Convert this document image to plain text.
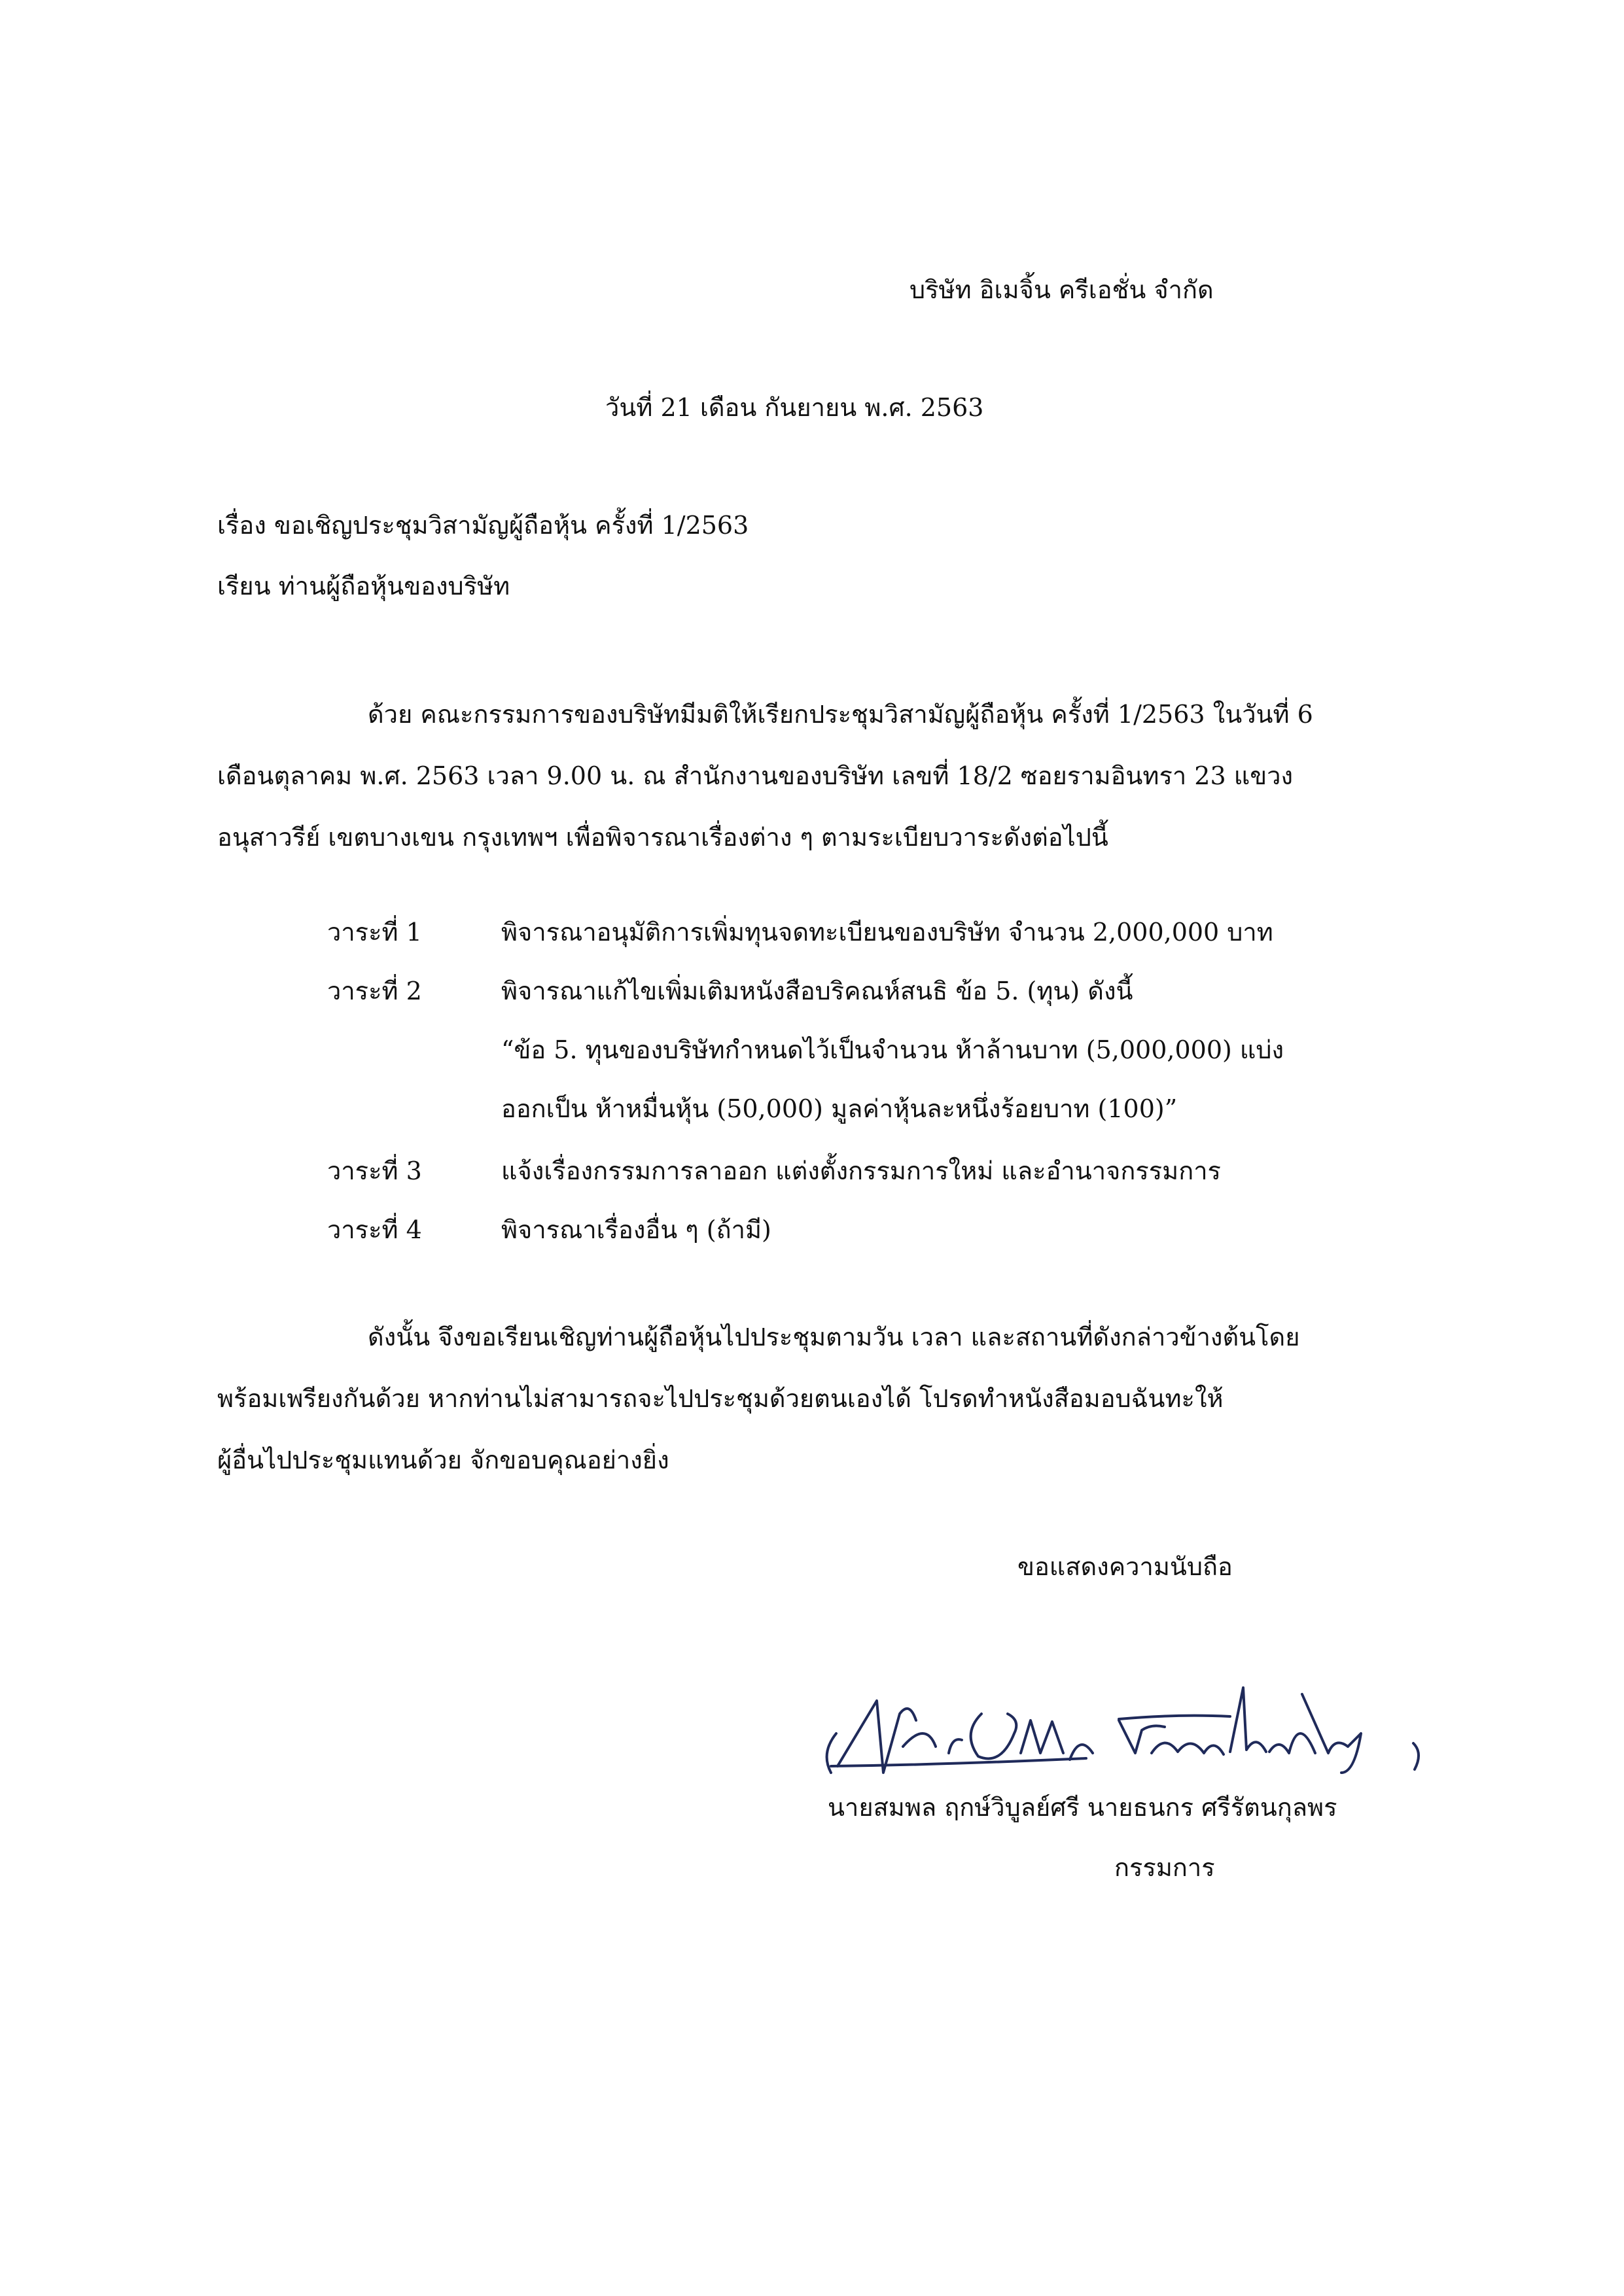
บริษัท อิเมจิ้น ครีเอชั่น จำกัด
วันที่ 21 เดือน กันยายน พ.ศ. 2563
เรื่อง ขอเชิญประชุมวิสามัญผู้ถือหุ้น ครั้งที่ 1/2563
เรียน ท่านผู้ถือหุ้นของบริษัท
ด้วย คณะกรรมการของบริษัทมีมติให้เรียกประชุมวิสามัญผู้ถือหุ้น ครั้งที่ 1/2563 ในวันที่ 6
เดือนตุลาคม พ.ศ. 2563 เวลา 9.00 น. ณ สำนักงานของบริษัท เลขที่ 18/2 ซอยรามอินทรา 23 แขวง
อนุสาวรีย์ เขตบางเขน กรุงเทพฯ เพื่อพิจารณาเรื่องต่าง ๆ ตามระเบียบวาระดังต่อไปนี้
วาระที่ 1	พิจารณาอนุมัติการเพิ่มทุนจดทะเบียนของบริษัท จำนวน 2,000,000 บาท
วาระที่ 2	พิจารณาแก้ไขเพิ่มเติมหนังสือบริคณห์สนธิ ข้อ 5. (ทุน) ดังนี้
“ข้อ 5. ทุนของบริษัทกำหนดไว้เป็นจำนวน ห้าล้านบาท (5,000,000) แบ่ง
ออกเป็น ห้าหมื่นหุ้น (50,000) มูลค่าหุ้นละหนึ่งร้อยบาท (100)”
วาระที่ 3	แจ้งเรื่องกรรมการลาออก แต่งตั้งกรรมการใหม่ และอำนาจกรรมการ
วาระที่ 4	พิจารณาเรื่องอื่น ๆ (ถ้ามี)
ดังนั้น จึงขอเรียนเชิญท่านผู้ถือหุ้นไปประชุมตามวัน เวลา และสถานที่ดังกล่าวข้างต้นโดย
พร้อมเพรียงกันด้วย หากท่านไม่สามารถจะไปประชุมด้วยตนเองได้ โปรดทำหนังสือมอบฉันทะให้
ผู้อื่นไปประชุมแทนด้วย จักขอบคุณอย่างยิ่ง
ขอแสดงความนับถือ
นายสมพล ฤกษ์วิบูลย์ศรี นายธนกร ศรีรัตนกุลพร
กรรมการ
